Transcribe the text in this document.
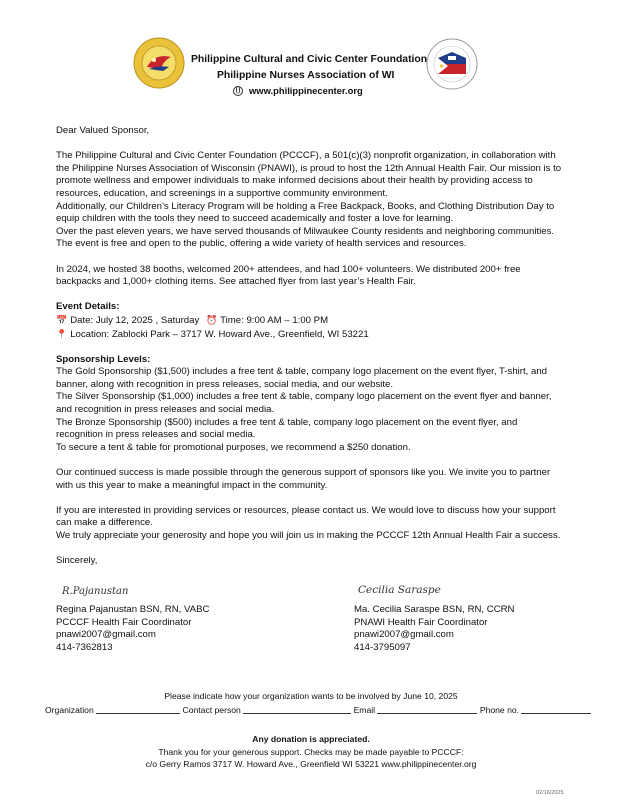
Philippine Cultural and Civic Center Foundation
Philippine Nurses Association of WI
www.philippinecenter.org

Dear Valued Sponsor,

The Philippine Cultural and Civic Center Foundation (PCCCF), a 501(c)(3) nonprofit organization, in collaboration with

the Philippine Nurses Association of Wisconsin (PNAWI), is proud to host the 12th Annual Health Fair. Our mission is to

promote wellness and empower individuals to make informed decisions about their health by providing access to

resources, education, and screenings in a supportive community environment.

Additionally, our Children’s Literacy Program will be holding a Free Backpack, Books, and Clothing Distribution Day to

equip children with the tools they need to succeed academically and foster a love for learning.

Over the past eleven years, we have served thousands of Milwaukee County residents and neighboring communities.

The event is free and open to the public, offering a wide variety of health services and resources.

In 2024, we hosted 38 booths, welcomed 200+ attendees, and had 100+ volunteers. We distributed 200+ free

backpacks and 1,000+ clothing items. See attached flyer from last year’s Health Fair.

Event Details:

📅 Date: July 12, 2025 , Saturday ⏰ Time: 9:00 AM – 1:00 PM

📍 Location: Zablocki Park – 3717 W. Howard Ave., Greenfield, WI 53221

Sponsorship Levels:

The Gold Sponsorship ($1,500) includes a free tent & table, company logo placement on the event flyer, T-shirt, and

banner, along with recognition in press releases, social media, and our website.

The Silver Sponsorship ($1,000) includes a free tent & table, company logo placement on the event flyer and banner,

and recognition in press releases and social media.

The Bronze Sponsorship ($500) includes a free tent & table, company logo placement on the event flyer, and

recognition in press releases and social media.

To secure a tent & table for promotional purposes, we recommend a $250 donation.

Our continued success is made possible through the generous support of sponsors like you. We invite you to partner

with us this year to make a meaningful impact in the community.

If you are interested in providing services or resources, please contact us. We would love to discuss how your support

can make a difference.

We truly appreciate your generosity and hope you will join us in making the PCCCF 12th Annual Health Fair a success.

Sincerely,

R.Pajanustan	Cecilia Saraspe
Regina Pajanustan BSN, RN, VABC
PCCCF Health Fair Coordinator
pnawi2007@gmail.com
414-7362813
Ma. Cecilia Saraspe BSN, RN, CCRN
PNAWI Health Fair Coordinator
pnawi2007@gmail.com
414-3795097
Please indicate how your organization wants to be involved by June 10, 2025
Organization	Contact person	Email	Phone no.
Any donation is appreciated.
Thank you for your generous support. Checks may be made payable to PCCCF:
c/o Gerry Ramos 3717 W. Howard Ave., Greenfield WI 53221 www.philippinecenter.org
02/16/2025
